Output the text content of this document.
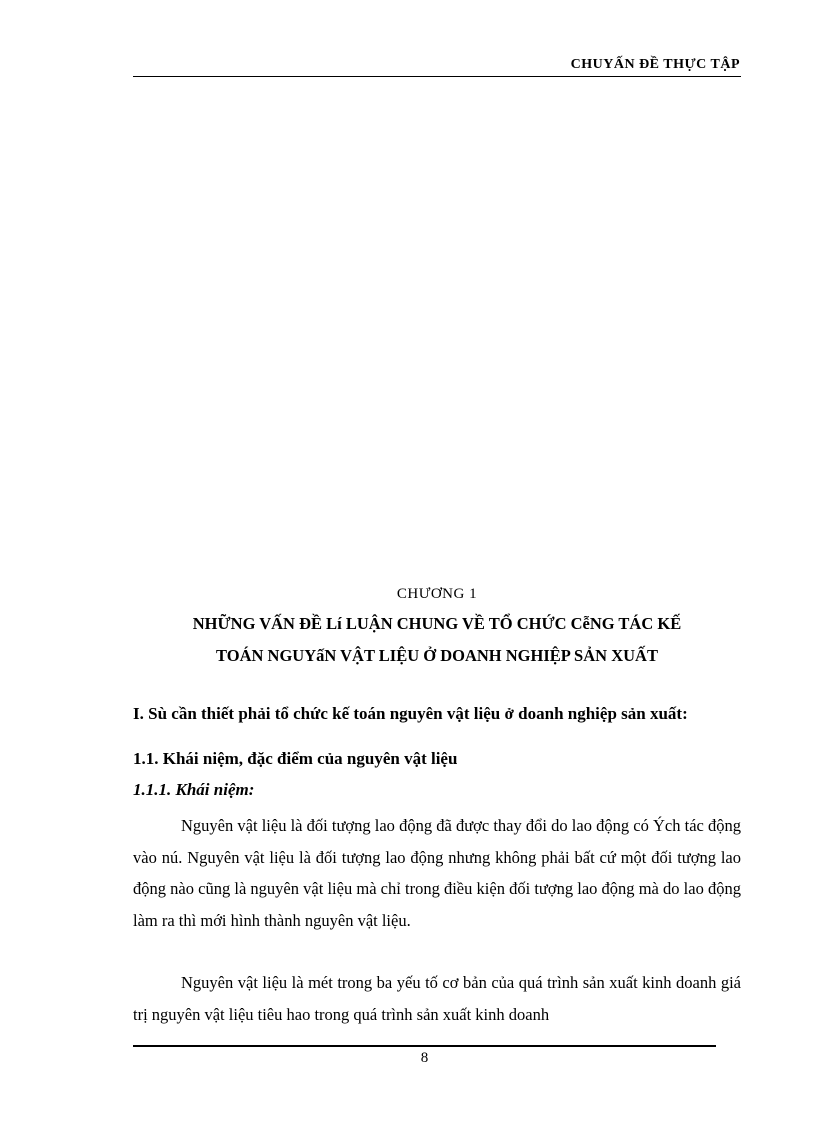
CHUYẤN ĐỀ THỰC TẬP
CHƯƠNG 1
NHỮNG VẤN ĐỀ Lí LUẬN CHUNG VỀ TỔ CHỨC CễNG TÁC KẾ
TOÁN NGUYấN VẬT LIỆU Ở DOANH NGHIỆP SẢN XUẤT
I. Sù cần thiết phải tổ chức kế toán nguyên vật liệu ở doanh nghiệp sản xuất:
1.1. Khái niệm, đặc điểm của nguyên vật liệu
1.1.1. Khái niệm:

Nguyên vật liệu là đối tượng lao động đã được thay đổi do lao động có Ých tác động vào nú. Nguyên vật liệu là đối tượng lao động nhưng không phải bất cứ một đối tượng lao động nào cũng là nguyên vật liệu mà chỉ trong điều kiện đối tượng lao động mà do lao động làm ra thì mới hình thành nguyên vật liệu.

Nguyên vật liệu là mét trong ba yếu tố cơ bản của quá trình sản xuất kinh doanh giá trị nguyên vật liệu tiêu hao trong quá trình sản xuất kinh doanh

8
